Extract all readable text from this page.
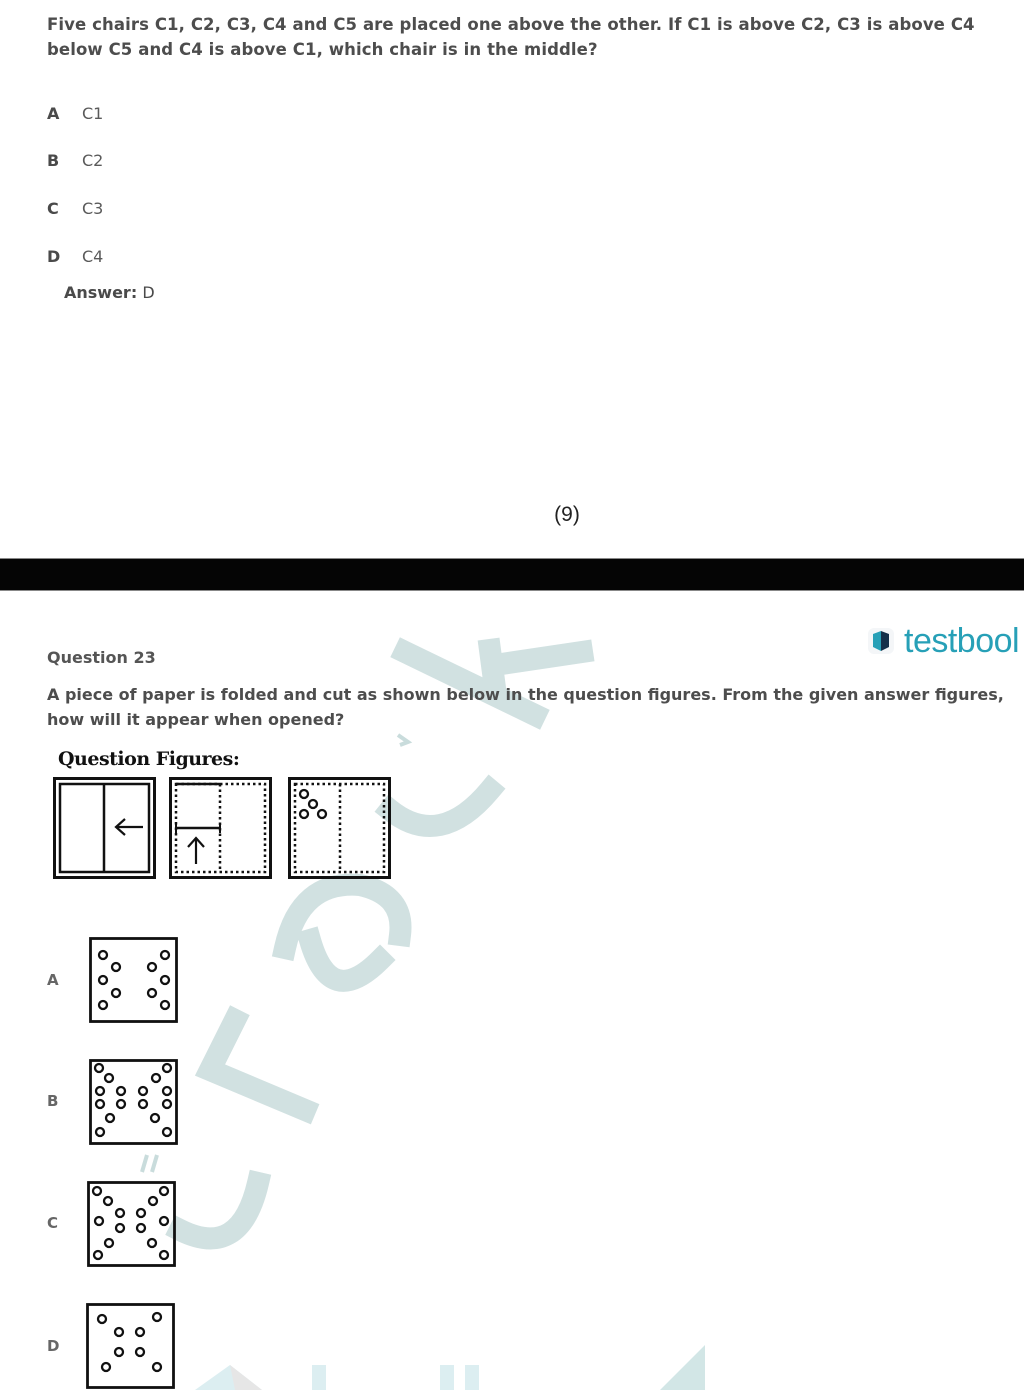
Five chairs C1, C2, C3, C4 and C5 are placed one above the other. If C1 is above C2, C3 is above C4 below C5 and C4 is above C1, which chair is in the middle?
A	C1
B	C2
C	C3
D	C4
Answer: D
(9)
Question 23	testbool
A piece of paper is folded and cut as shown below in the question figures. From the given answer figures, how will it appear when opened?
Question Figures:
A
B
C
D
